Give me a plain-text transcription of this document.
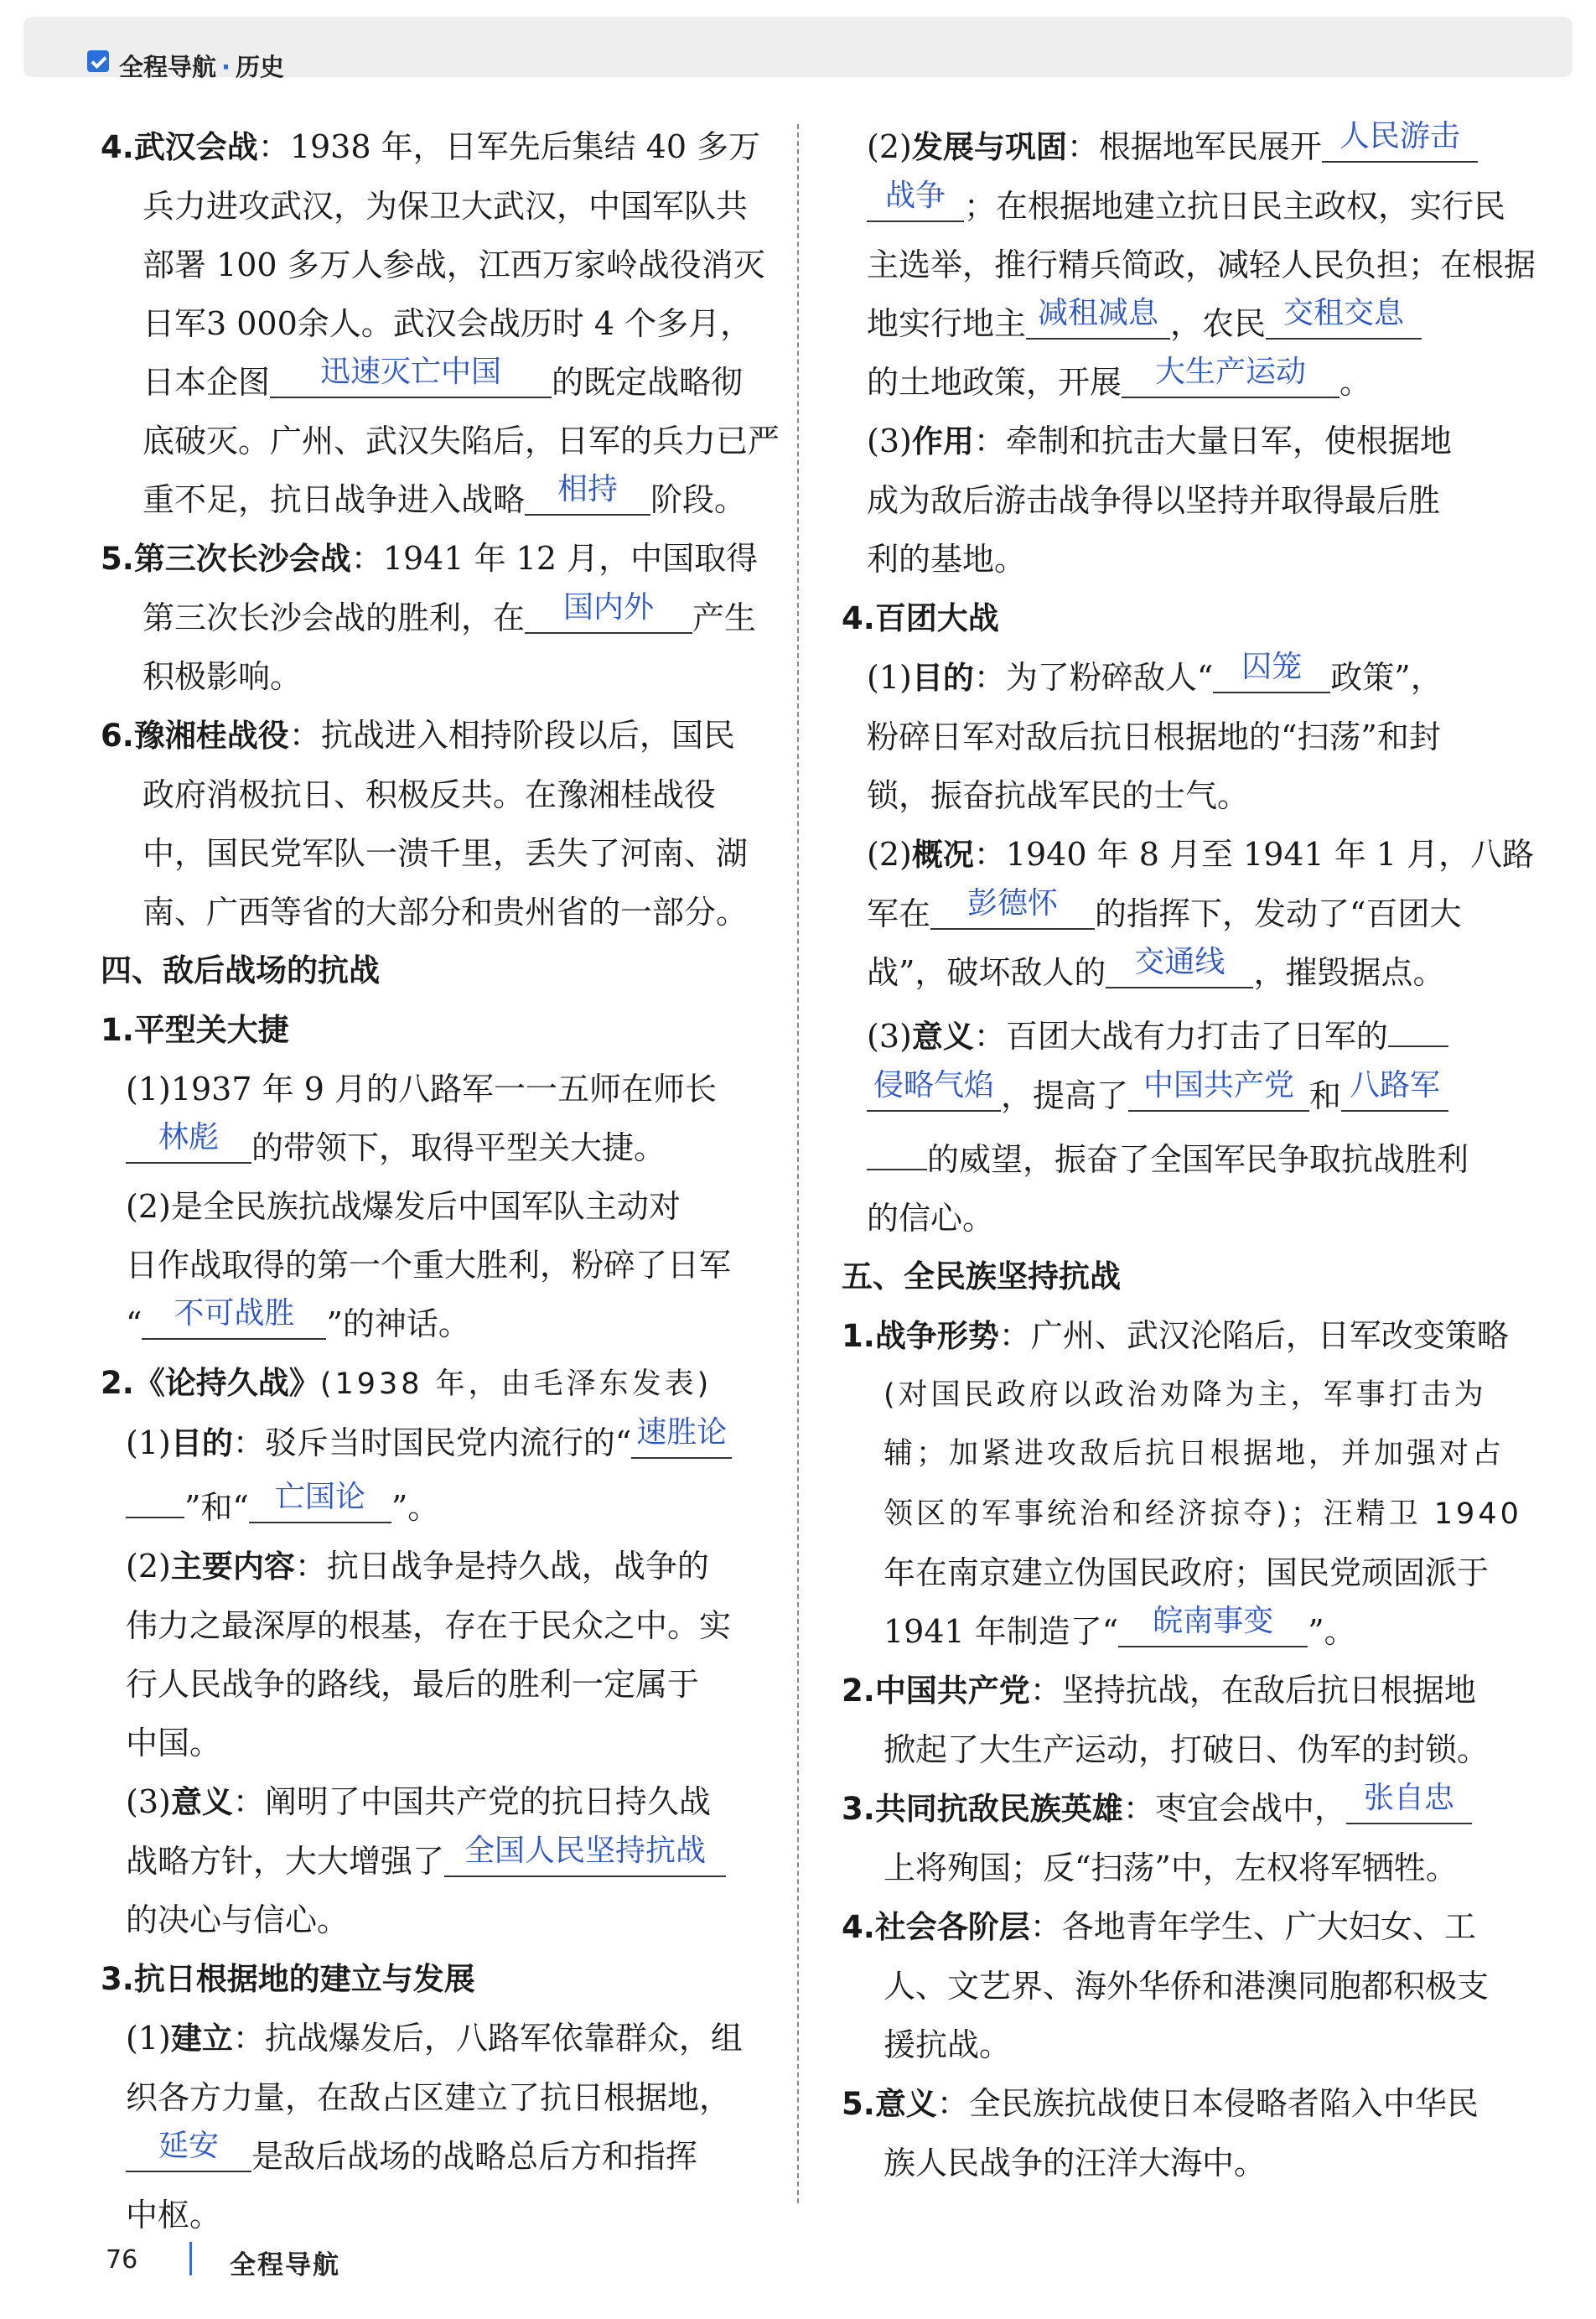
全程导航 · 历史

4.武汉会战：1938 年，日军先后集结 40 多万

兵力进攻武汉，为保卫大武汉，中国军队共

部署 100 多万人参战，江西万家岭战役消灭

日军3 000余人。武汉会战历时 4 个多月，

日本企图 迅速灭亡中国 的既定战略彻

底破灭。广州、武汉失陷后，日军的兵力已严

重不足，抗日战争进入战略 相持 阶段。

5.第三次长沙会战：1941 年 12 月，中国取得

第三次长沙会战的胜利，在 国内外 产生

积极影响。

6.豫湘桂战役：抗战进入相持阶段以后，国民

政府消极抗日、积极反共。在豫湘桂战役

中，国民党军队一溃千里，丢失了河南、湖

南、广西等省的大部分和贵州省的一部分。

四、敌后战场的抗战

1.平型关大捷

(1)1937 年 9 月的八路军一一五师在师长

林彪 的带领下，取得平型关大捷。

(2)是全民族抗战爆发后中国军队主动对

日作战取得的第一个重大胜利，粉碎了日军

“ 不可战胜 ”的神话。

2.《论持久战》(1938 年，由毛泽东发表)

(1)目的：驳斥当时国民党内流行的“ 速胜论

”和“ 亡国论 ”。

(2)主要内容：抗日战争是持久战，战争的

伟力之最深厚的根基，存在于民众之中。实

行人民战争的路线，最后的胜利一定属于

中国。

(3)意义：阐明了中国共产党的抗日持久战

战略方针，大大增强了 全国人民坚持抗战

的决心与信心。

3.抗日根据地的建立与发展

(1)建立：抗战爆发后，八路军依靠群众，组

织各方力量，在敌占区建立了抗日根据地，

延安 是敌后战场的战略总后方和指挥

中枢。

(2)发展与巩固：根据地军民展开 人民游击

战争 ；在根据地建立抗日民主政权，实行民

主选举，推行精兵简政，减轻人民负担；在根据

地实行地主 减租减息 ，农民 交租交息

的土地政策，开展 大生产运动 。

(3)作用：牵制和抗击大量日军，使根据地

成为敌后游击战争得以坚持并取得最后胜

利的基地。

4.百团大战

(1)目的：为了粉碎敌人“ 囚笼 政策”，

粉碎日军对敌后抗日根据地的“扫荡”和封

锁，振奋抗战军民的士气。

(2)概况：1940 年 8 月至 1941 年 1 月，八路

军在 彭德怀 的指挥下，发动了“百团大

战”，破坏敌人的 交通线 ，摧毁据点。

(3)意义：百团大战有力打击了日军的

侵略气焰 ，提高了 中国共产党 和 八路军

的威望，振奋了全国军民争取抗战胜利

的信心。

五、全民族坚持抗战

1.战争形势：广州、武汉沦陷后，日军改变策略

(对国民政府以政治劝降为主，军事打击为

辅；加紧进攻敌后抗日根据地，并加强对占

领区的军事统治和经济掠夺)；汪精卫 1940

年在南京建立伪国民政府；国民党顽固派于

1941 年制造了“ 皖南事变 ”。

2.中国共产党：坚持抗战，在敌后抗日根据地

掀起了大生产运动，打破日、伪军的封锁。

3.共同抗敌民族英雄：枣宜会战中， 张自忠

上将殉国；反“扫荡”中，左权将军牺牲。

4.社会各阶层：各地青年学生、广大妇女、工

人、文艺界、海外华侨和港澳同胞都积极支

援抗战。

5.意义：全民族抗战使日本侵略者陷入中华民

族人民战争的汪洋大海中。

76	全程导航
